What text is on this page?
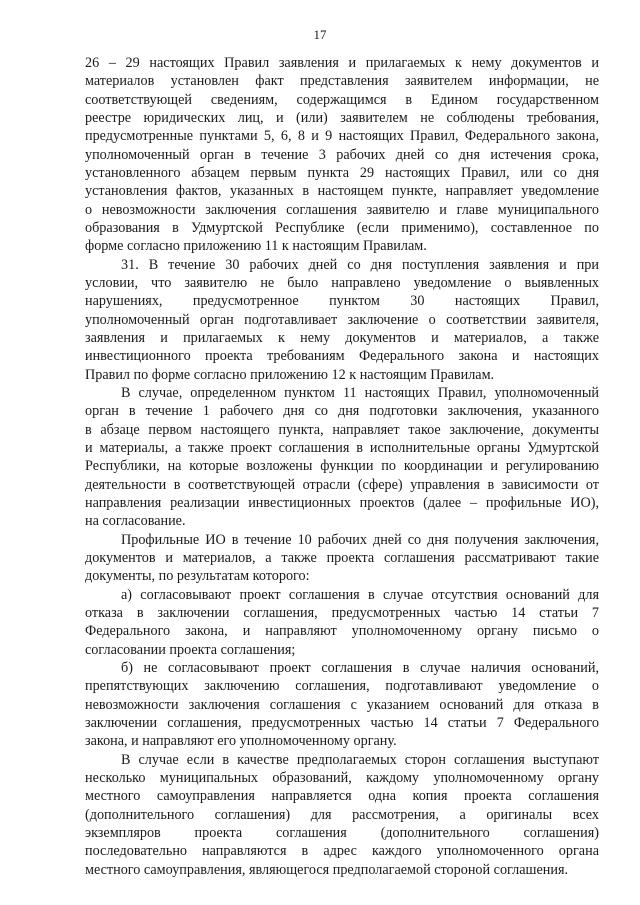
17
26 – 29 настоящих Правил заявления и прилагаемых к нему документов и
материалов установлен факт представления заявителем информации, не
соответствующей сведениям, содержащимся в Едином государственном
реестре юридических лиц, и (или) заявителем не соблюдены требования,
предусмотренные пунктами 5, 6, 8 и 9 настоящих Правил, Федерального закона,
уполномоченный орган в течение 3 рабочих дней со дня истечения срока,
установленного абзацем первым пункта 29 настоящих Правил, или со дня
установления фактов, указанных в настоящем пункте, направляет уведомление
о невозможности заключения соглашения заявителю и главе муниципального
образования в Удмуртской Республике (если применимо), составленное по
форме согласно приложению 11 к настоящим Правилам.
31. В течение 30 рабочих дней со дня поступления заявления и при
условии, что заявителю не было направлено уведомление о выявленных
нарушениях, предусмотренное пунктом 30 настоящих Правил,
уполномоченный орган подготавливает заключение о соответствии заявителя,
заявления и прилагаемых к нему документов и материалов, а также
инвестиционного проекта требованиям Федерального закона и настоящих
Правил по форме согласно приложению 12 к настоящим Правилам.
В случае, определенном пунктом 11 настоящих Правил, уполномоченный
орган в течение 1 рабочего дня со дня подготовки заключения, указанного
в абзаце первом настоящего пункта, направляет такое заключение, документы
и материалы, а также проект соглашения в исполнительные органы Удмуртской
Республики, на которые возложены функции по координации и регулированию
деятельности в соответствующей отрасли (сфере) управления в зависимости от
направления реализации инвестиционных проектов (далее – профильные ИО),
на согласование.
Профильные ИО в течение 10 рабочих дней со дня получения заключения,
документов и материалов, а также проекта соглашения рассматривают такие
документы, по результатам которого:
а) согласовывают проект соглашения в случае отсутствия оснований для
отказа в заключении соглашения, предусмотренных частью 14 статьи 7
Федерального закона, и направляют уполномоченному органу письмо о
согласовании проекта соглашения;
б) не согласовывают проект соглашения в случае наличия оснований,
препятствующих заключению соглашения, подготавливают уведомление о
невозможности заключения соглашения с указанием оснований для отказа в
заключении соглашения, предусмотренных частью 14 статьи 7 Федерального
закона, и направляют его уполномоченному органу.
В случае если в качестве предполагаемых сторон соглашения выступают
несколько муниципальных образований, каждому уполномоченному органу
местного самоуправления направляется одна копия проекта соглашения
(дополнительного соглашения) для рассмотрения, а оригиналы всех
экземпляров проекта соглашения (дополнительного соглашения)
последовательно направляются в адрес каждого уполномоченного органа
местного самоуправления, являющегося предполагаемой стороной соглашения.
